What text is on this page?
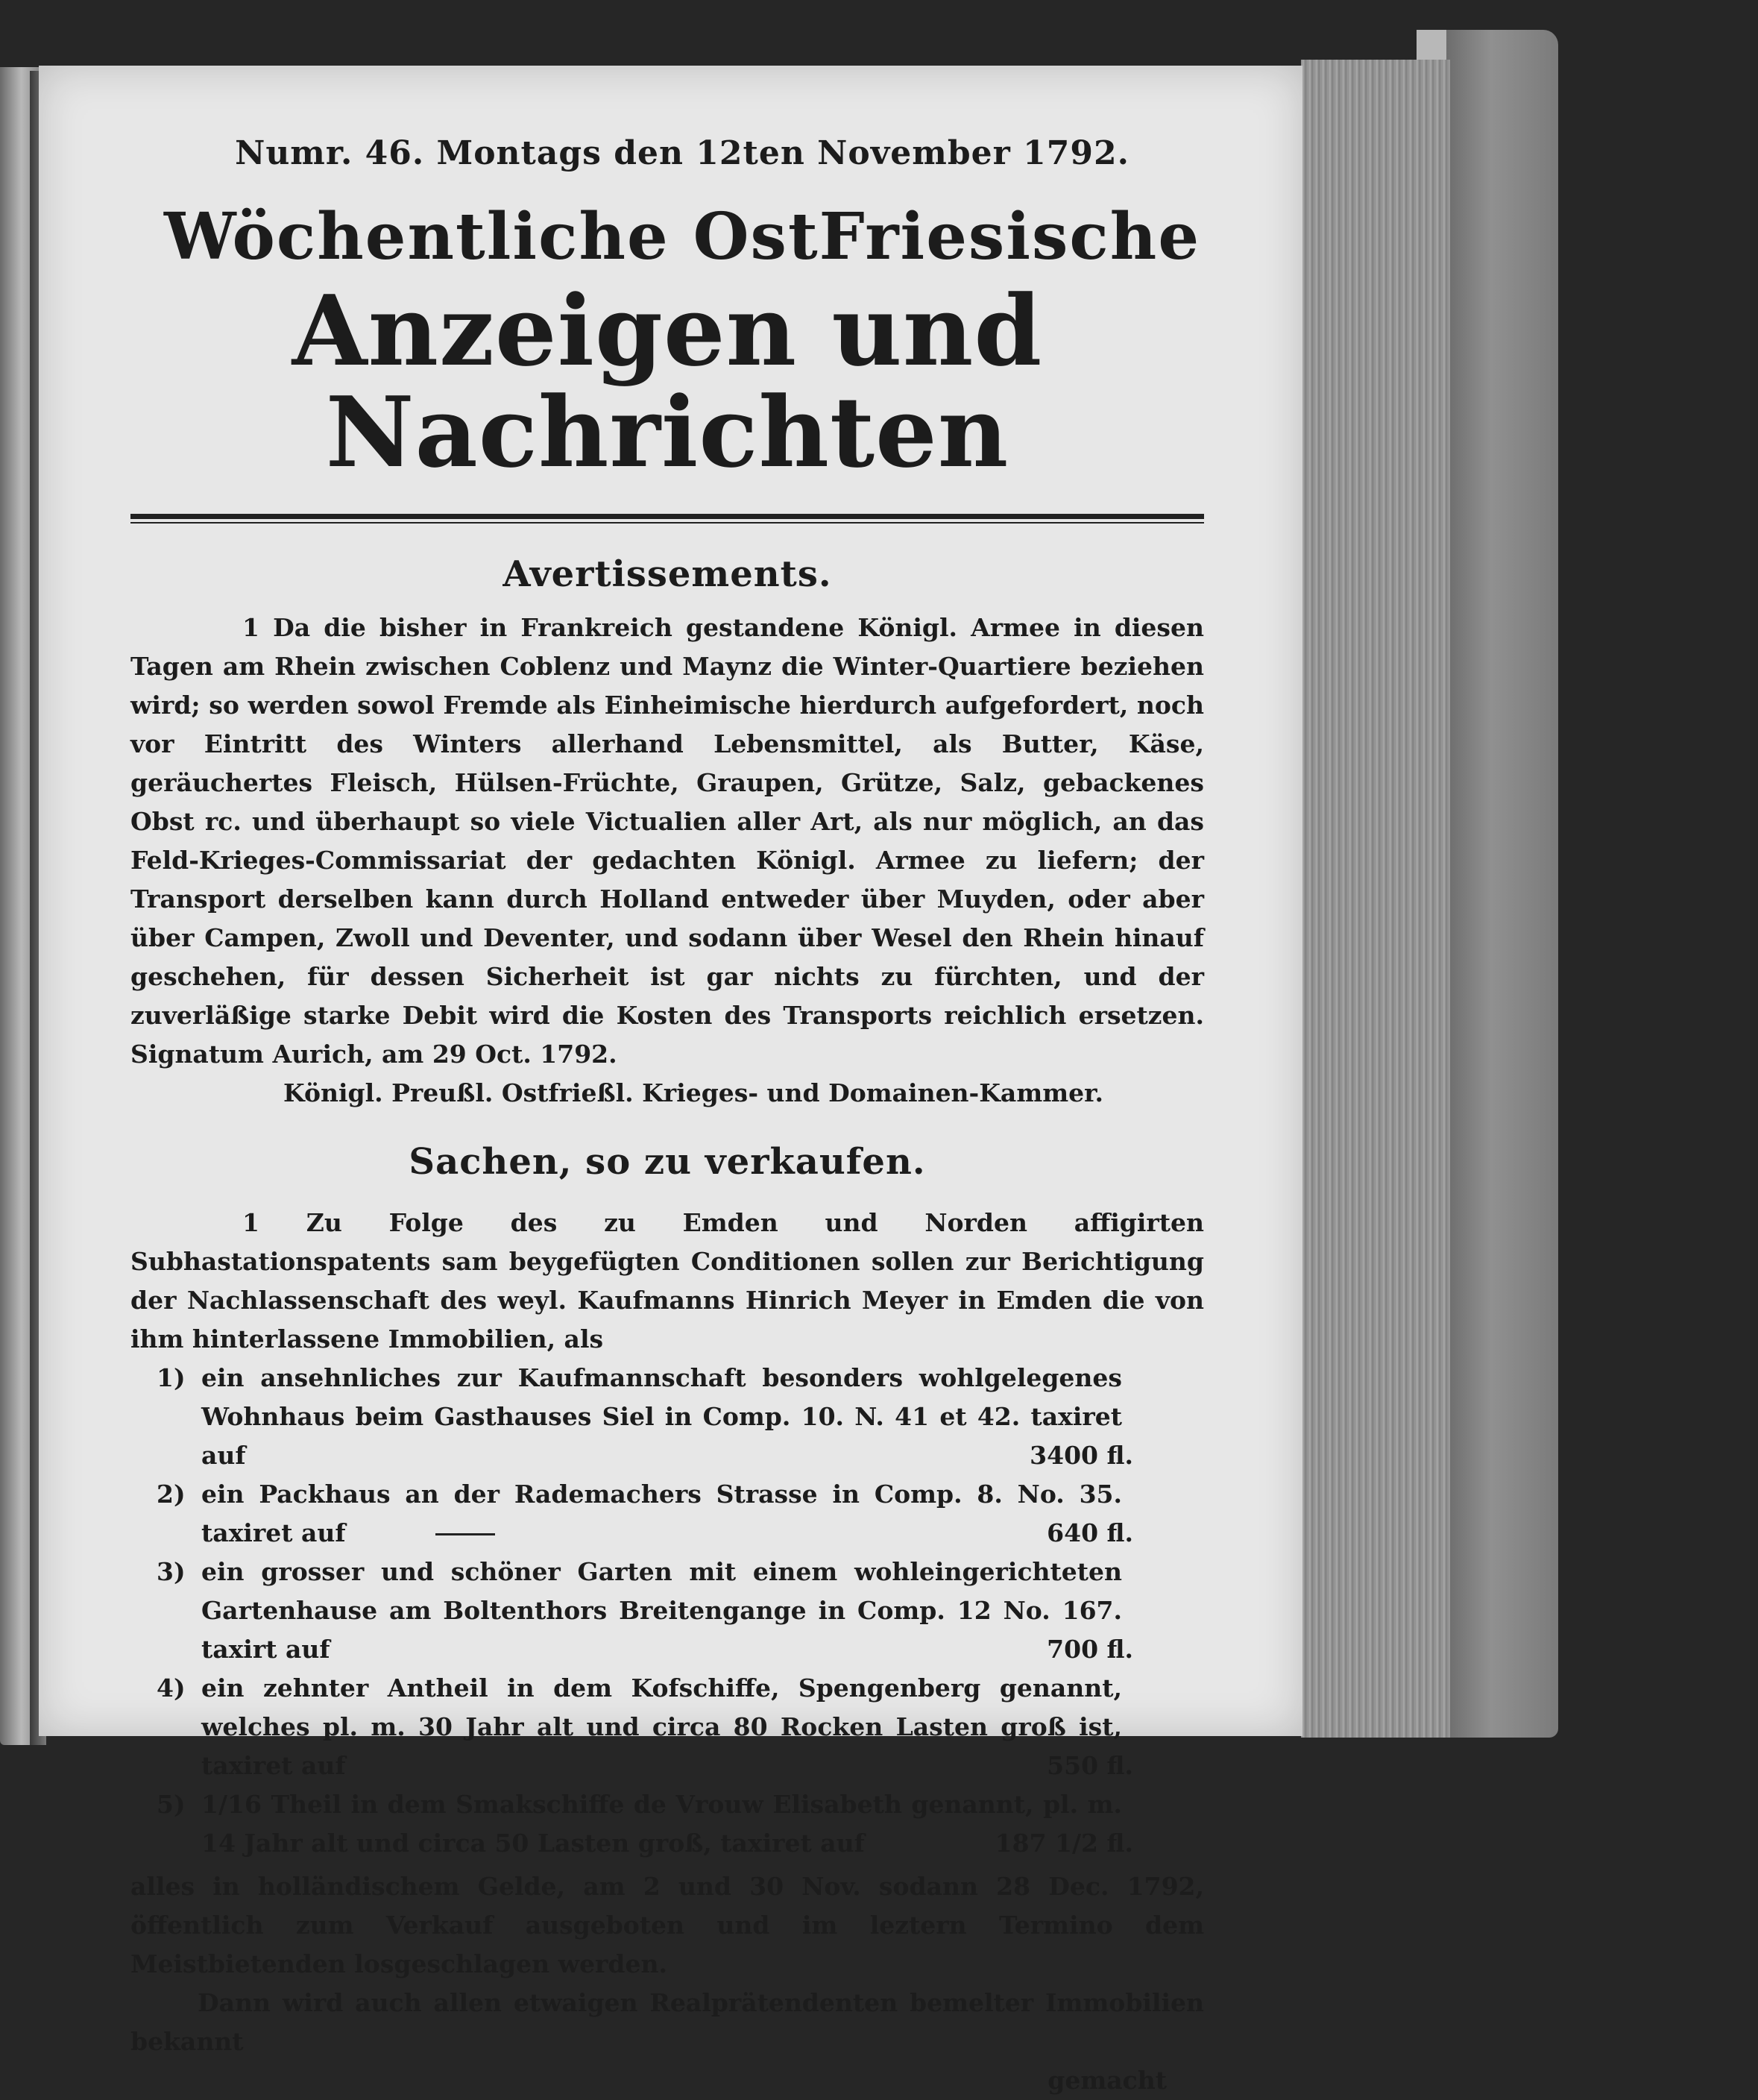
Numr. 46. Montags den 12ten November 1792.
Wöchentliche OstFriesische
Anzeigen und Nachrichten
Avertissements.

1 Da die bisher in Frankreich gestandene Königl. Armee in diesen Tagen am Rhein zwischen Coblenz und Maynz die Winter-Quartiere beziehen wird; so werden sowol Fremde als Einheimische hierdurch aufgefordert, noch vor Eintritt des Winters allerhand Lebensmittel, als Butter, Käse, geräuchertes Fleisch, Hülsen-Früchte, Graupen, Grütze, Salz, gebackenes Obst rc. und überhaupt so viele Victualien aller Art, als nur möglich, an das Feld-Krieges-Commissariat der gedachten Königl. Armee zu liefern; der Transport derselben kann durch Holland entweder über Muyden, oder aber über Campen, Zwoll und Deventer, und sodann über Wesel den Rhein hinauf geschehen, für dessen Sicherheit ist gar nichts zu fürchten, und der zuverläßige starke Debit wird die Kosten des Transports reichlich ersetzen. Signatum Aurich, am 29 Oct. 1792.

Königl. Preußl. Ostfrießl. Krieges- und Domainen-Kammer.
Sachen, so zu verkaufen.

1 Zu Folge des zu Emden und Norden affigirten Subhastationspatents sam beygefügten Conditionen sollen zur Berichtigung der Nachlassenschaft des weyl. Kaufmanns Hinrich Meyer in Emden die von ihm hinterlassene Immobilien, als

1) ein ansehnliches zur Kaufmannschaft besonders wohlgelegenes Wohnhaus beim Gasthauses Siel in Comp. 10. N. 41 et 42. taxiret auf	3400 fl.
2) ein Packhaus an der Rademachers Strasse in Comp. 8. No. 35. taxiret auf	640 fl.
3) ein grosser und schöner Garten mit einem wohleingerichteten Gartenhause am Boltenthors Breitengange in Comp. 12 No. 167. taxirt auf	700 fl.
4) ein zehnter Antheil in dem Kofschiffe, Spengenberg genannt, welches pl. m. 30 Jahr alt und circa 80 Rocken Lasten groß ist, taxiret auf	550 fl.
5) 1/16 Theil in dem Smakschiffe de Vrouw Elisabeth genannt, pl. m. 14 Jahr alt und circa 50 Lasten groß, taxiret auf	187 1/2 fl.

alles in holländischem Gelde, am 2 und 30 Nov. sodann 28 Dec. 1792, öffentlich zum Verkauf ausgeboten und im leztern Termino dem Meistbietenden losgeschlagen werden.

Dann wird auch allen etwaigen Realprätendenten bemelter Immobilien bekannt

gemacht
